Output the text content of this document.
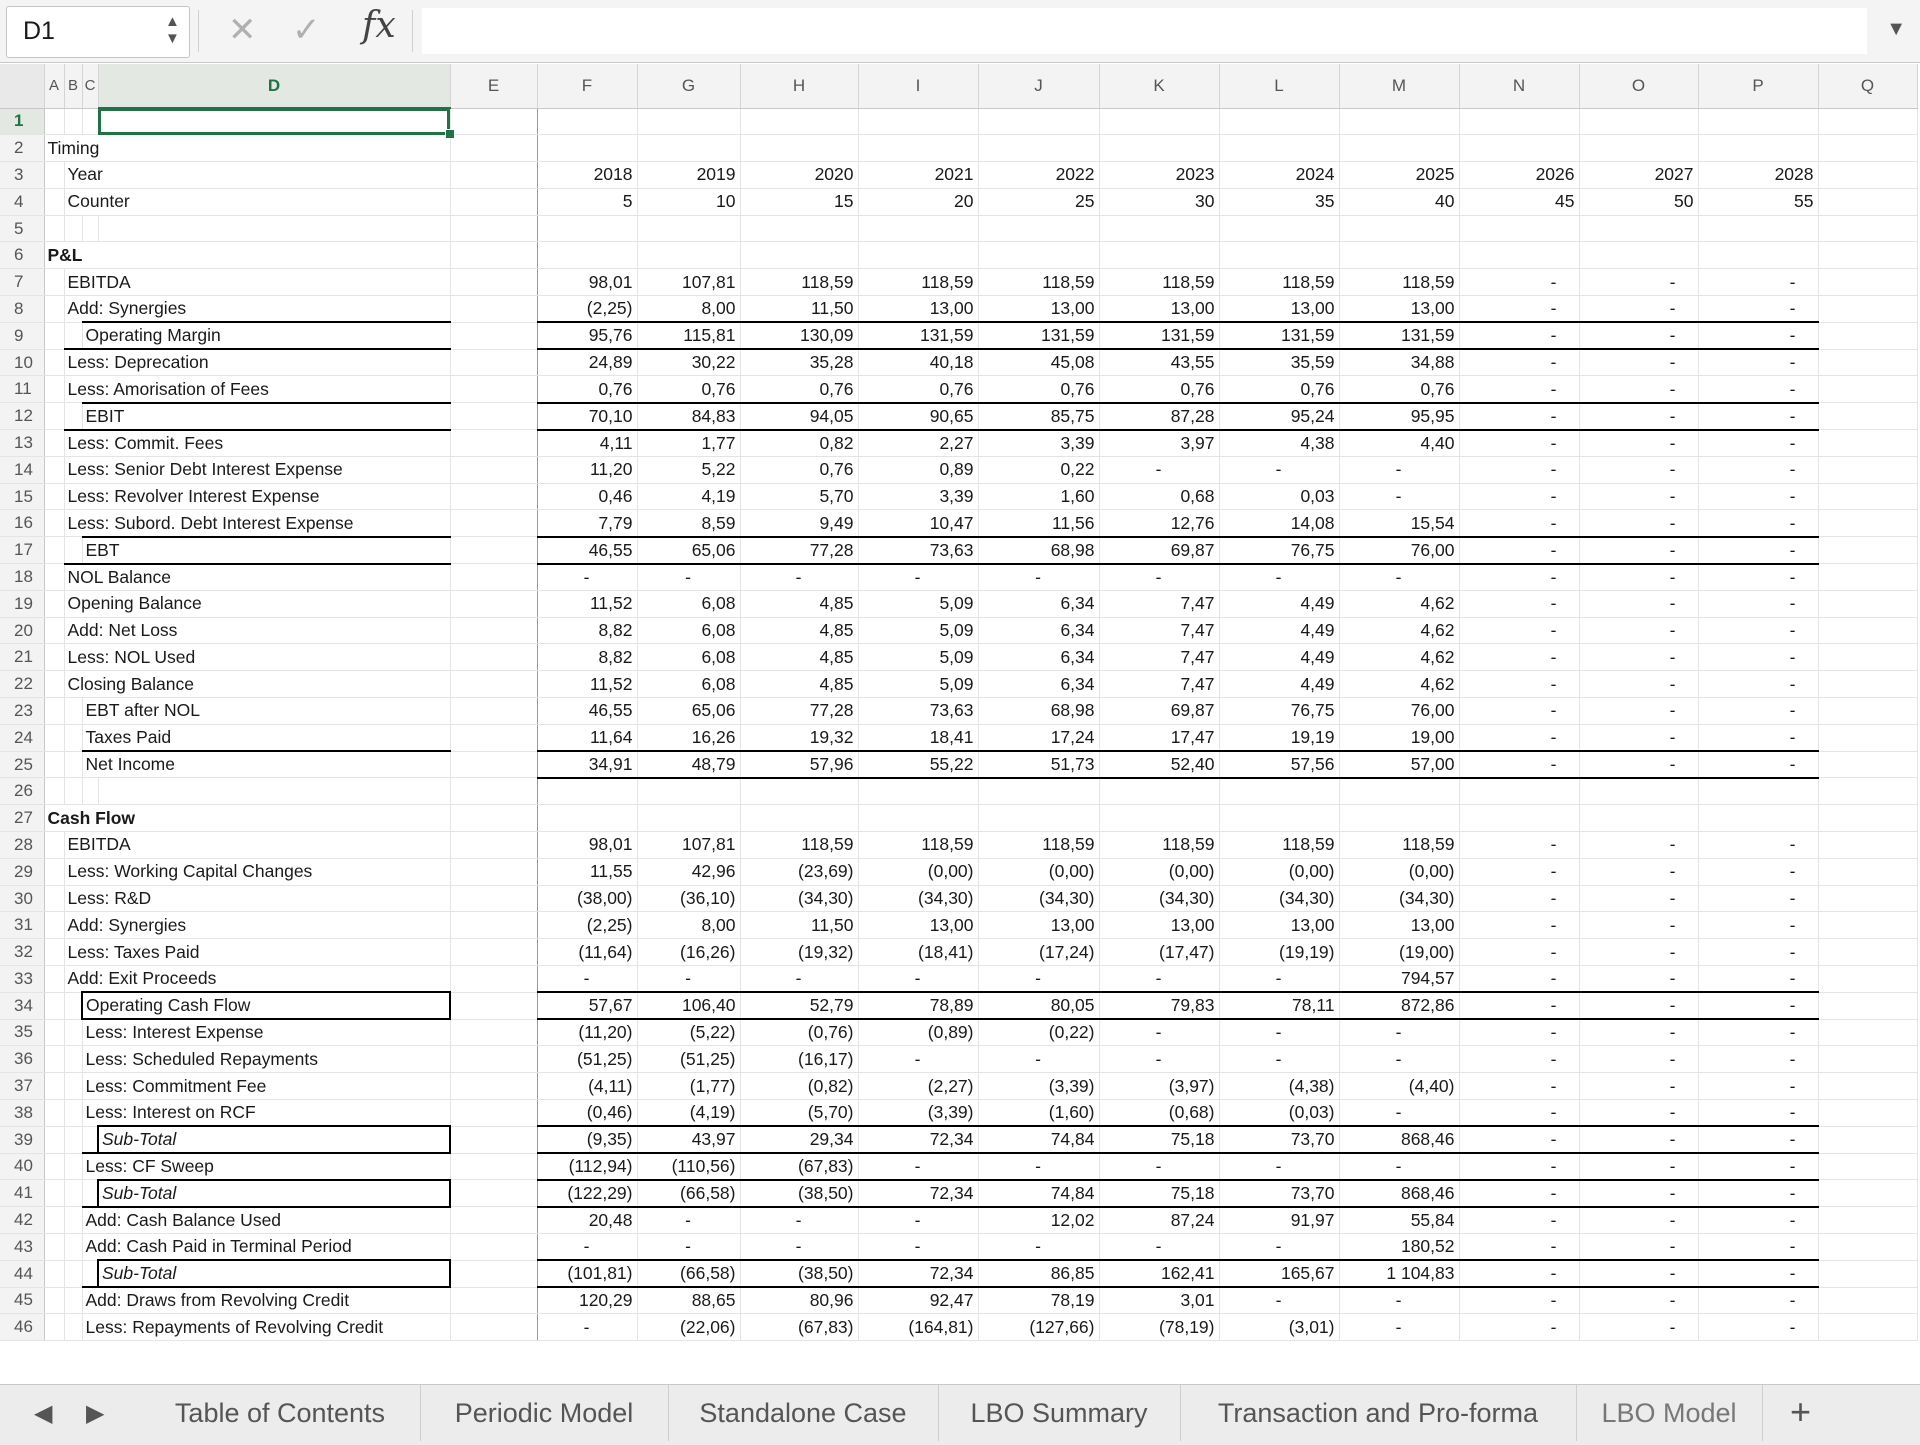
D1	▲
▼ ✕ ✓ fx	▼
	A	B	C	D	E	F	G	H	I	J	K	L	M	N	O	P	Q
1				

2	Timing																
3		Year				2018	2019	2020	2021	2022	2023	2024	2025	2026	2027	2028	
4		Counter				5	10	15	20	25	30	35	40	45	50	55	
5																	
6	P&L																
7		EBITDA				98,01	107,81	118,59	118,59	118,59	118,59	118,59	118,59	-	-	-	
8		Add: Synergies				(2,25)	8,00	11,50	13,00	13,00	13,00	13,00	13,00	-	-	-	
9			Operating Margin			95,76	115,81	130,09	131,59	131,59	131,59	131,59	131,59	-	-	-	
10		Less: Deprecation				24,89	30,22	35,28	40,18	45,08	43,55	35,59	34,88	-	-	-	
11		Less: Amorisation of Fees				0,76	0,76	0,76	0,76	0,76	0,76	0,76	0,76	-	-	-	
12			EBIT			70,10	84,83	94,05	90,65	85,75	87,28	95,24	95,95	-	-	-	
13		Less: Commit. Fees				4,11	1,77	0,82	2,27	3,39	3,97	4,38	4,40	-	-	-	
14		Less: Senior Debt Interest Expense				11,20	5,22	0,76	0,89	0,22	-	-	-	-	-	-	
15		Less: Revolver Interest Expense				0,46	4,19	5,70	3,39	1,60	0,68	0,03	-	-	-	-	
16		Less: Subord. Debt Interest Expense				7,79	8,59	9,49	10,47	11,56	12,76	14,08	15,54	-	-	-	
17			EBT			46,55	65,06	77,28	73,63	68,98	69,87	76,75	76,00	-	-	-	
18		NOL Balance				-	-	-	-	-	-	-	-	-	-	-	
19		Opening Balance				11,52	6,08	4,85	5,09	6,34	7,47	4,49	4,62	-	-	-	
20		Add: Net Loss				8,82	6,08	4,85	5,09	6,34	7,47	4,49	4,62	-	-	-	
21		Less: NOL Used				8,82	6,08	4,85	5,09	6,34	7,47	4,49	4,62	-	-	-	
22		Closing Balance				11,52	6,08	4,85	5,09	6,34	7,47	4,49	4,62	-	-	-	
23			EBT after NOL			46,55	65,06	77,28	73,63	68,98	69,87	76,75	76,00	-	-	-	
24			Taxes Paid			11,64	16,26	19,32	18,41	17,24	17,47	19,19	19,00	-	-	-	
25			Net Income			34,91	48,79	57,96	55,22	51,73	52,40	57,56	57,00	-	-	-	
26																	
27	Cash Flow																
28		EBITDA				98,01	107,81	118,59	118,59	118,59	118,59	118,59	118,59	-	-	-	
29		Less: Working Capital Changes				11,55	42,96	(23,69)	(0,00)	(0,00)	(0,00)	(0,00)	(0,00)	-	-	-	
30		Less: R&D				(38,00)	(36,10)	(34,30)	(34,30)	(34,30)	(34,30)	(34,30)	(34,30)	-	-	-	
31		Add: Synergies				(2,25)	8,00	11,50	13,00	13,00	13,00	13,00	13,00	-	-	-	
32		Less: Taxes Paid				(11,64)	(16,26)	(19,32)	(18,41)	(17,24)	(17,47)	(19,19)	(19,00)	-	-	-	
33		Add: Exit Proceeds				-	-	-	-	-	-	-	794,57	-	-	-	
34			Operating Cash Flow			57,67	106,40	52,79	78,89	80,05	79,83	78,11	872,86	-	-	-	
35			Less: Interest Expense			(11,20)	(5,22)	(0,76)	(0,89)	(0,22)	-	-	-	-	-	-	
36			Less: Scheduled Repayments			(51,25)	(51,25)	(16,17)	-	-	-	-	-	-	-	-	
37			Less: Commitment Fee			(4,11)	(1,77)	(0,82)	(2,27)	(3,39)	(3,97)	(4,38)	(4,40)	-	-	-	
38			Less: Interest on RCF			(0,46)	(4,19)	(5,70)	(3,39)	(1,60)	(0,68)	(0,03)	-	-	-	-	
39				Sub-Total		(9,35)	43,97	29,34	72,34	74,84	75,18	73,70	868,46	-	-	-	
40			Less: CF Sweep			(112,94)	(110,56)	(67,83)	-	-	-	-	-	-	-	-	
41				Sub-Total		(122,29)	(66,58)	(38,50)	72,34	74,84	75,18	73,70	868,46	-	-	-	
42			Add: Cash Balance Used			20,48	-	-	-	12,02	87,24	91,97	55,84	-	-	-	
43			Add: Cash Paid in Terminal Period			-	-	-	-	-	-	-	180,52	-	-	-	
44				Sub-Total		(101,81)	(66,58)	(38,50)	72,34	86,85	162,41	165,67	1 104,83	-	-	-	
45			Add: Draws from Revolving Credit			120,29	88,65	80,96	92,47	78,19	3,01	-	-	-	-	-	
46			Less: Repayments of Revolving Credit			-	(22,06)	(67,83)	(164,81)	(127,66)	(78,19)	(3,01)	-	-	-	-	
◀ ▶	Table of Contents	Periodic Model	Standalone Case	LBO Summary	Transaction and Pro-forma	LBO Model	+
